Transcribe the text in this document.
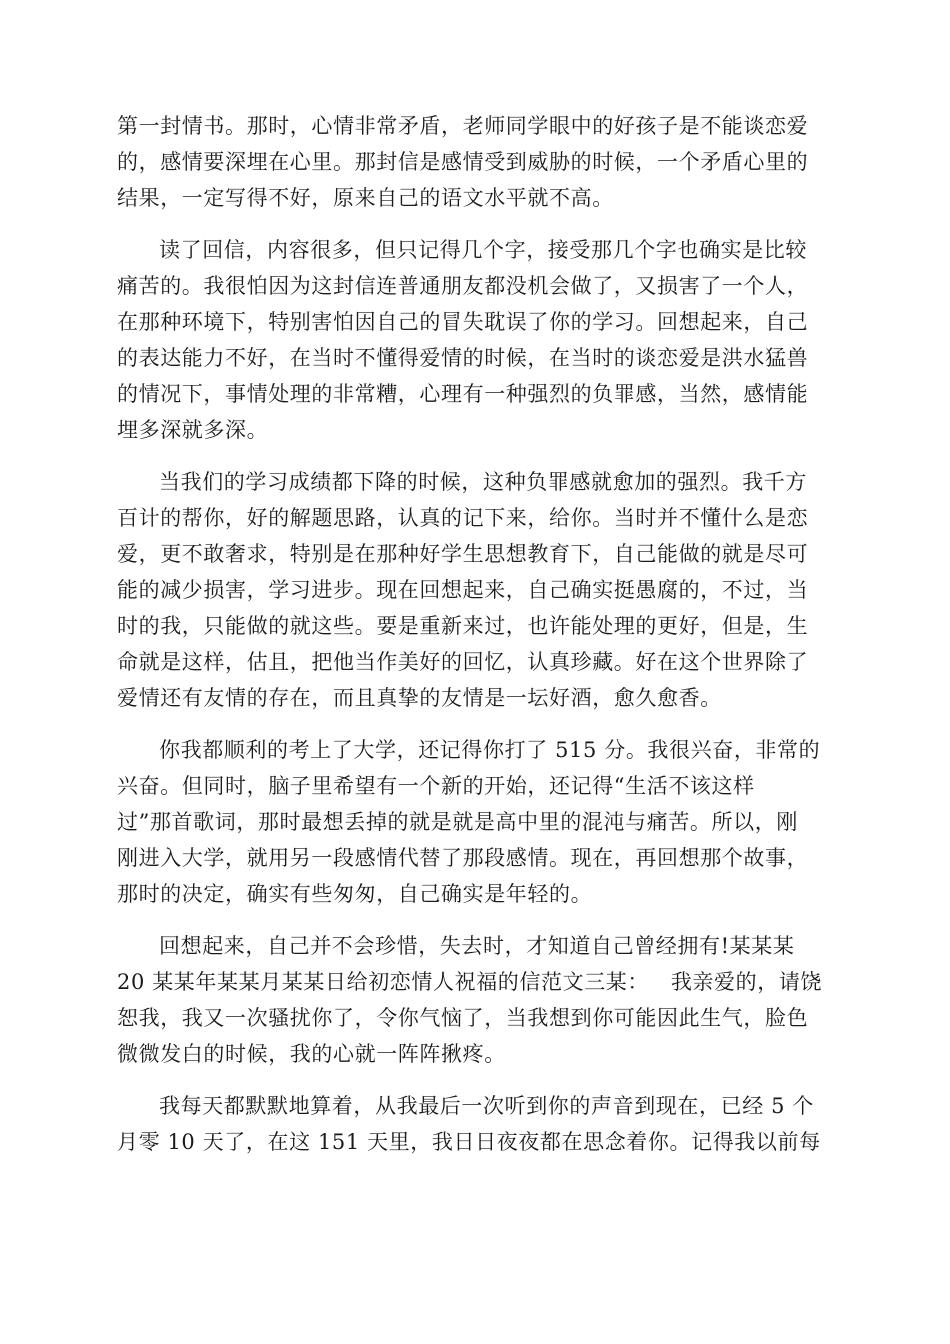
第一封情书。那时，心情非常矛盾，老师同学眼中的好孩子是不能谈恋爱
的，感情要深埋在心里。那封信是感情受到威胁的时候，一个矛盾心里的
结果，一定写得不好，原来自己的语文水平就不高。
读了回信，内容很多，但只记得几个字，接受那几个字也确实是比较
痛苦的。我很怕因为这封信连普通朋友都没机会做了，又损害了一个人，
在那种环境下，特别害怕因自己的冒失耽误了你的学习。回想起来，自己
的表达能力不好，在当时不懂得爱情的时候，在当时的谈恋爱是洪水猛兽
的情况下，事情处理的非常糟，心理有一种强烈的负罪感，当然，感情能
埋多深就多深。
当我们的学习成绩都下降的时候，这种负罪感就愈加的强烈。我千方
百计的帮你，好的解题思路，认真的记下来，给你。当时并不懂什么是恋
爱，更不敢奢求，特别是在那种好学生思想教育下，自己能做的就是尽可
能的减少损害，学习进步。现在回想起来，自己确实挺愚腐的，不过，当
时的我，只能做的就这些。要是重新来过，也许能处理的更好，但是，生
命就是这样，估且，把他当作美好的回忆，认真珍藏。好在这个世界除了
爱情还有友情的存在，而且真挚的友情是一坛好酒，愈久愈香。
你我都顺利的考上了大学，还记得你打了 515 分。我很兴奋，非常的
兴奋。但同时，脑子里希望有一个新的开始，还记得“生活不该这样
过”那首歌词，那时最想丢掉的就是就是高中里的混沌与痛苦。所以，刚
刚进入大学，就用另一段感情代替了那段感情。现在，再回想那个故事，
那时的决定，确实有些匆匆，自己确实是年轻的。
回想起来，自己并不会珍惜，失去时，才知道自己曾经拥有!某某某
20 某某年某某月某某日给初恋情人祝福的信范文三某：   我亲爱的，请饶
恕我，我又一次骚扰你了，令你气恼了，当我想到你可能因此生气，脸色
微微发白的时候，我的心就一阵阵揪疼。
我每天都默默地算着，从我最后一次听到你的声音到现在，已经 5 个
月零 10 天了，在这 151 天里，我日日夜夜都在思念着你。记得我以前每
